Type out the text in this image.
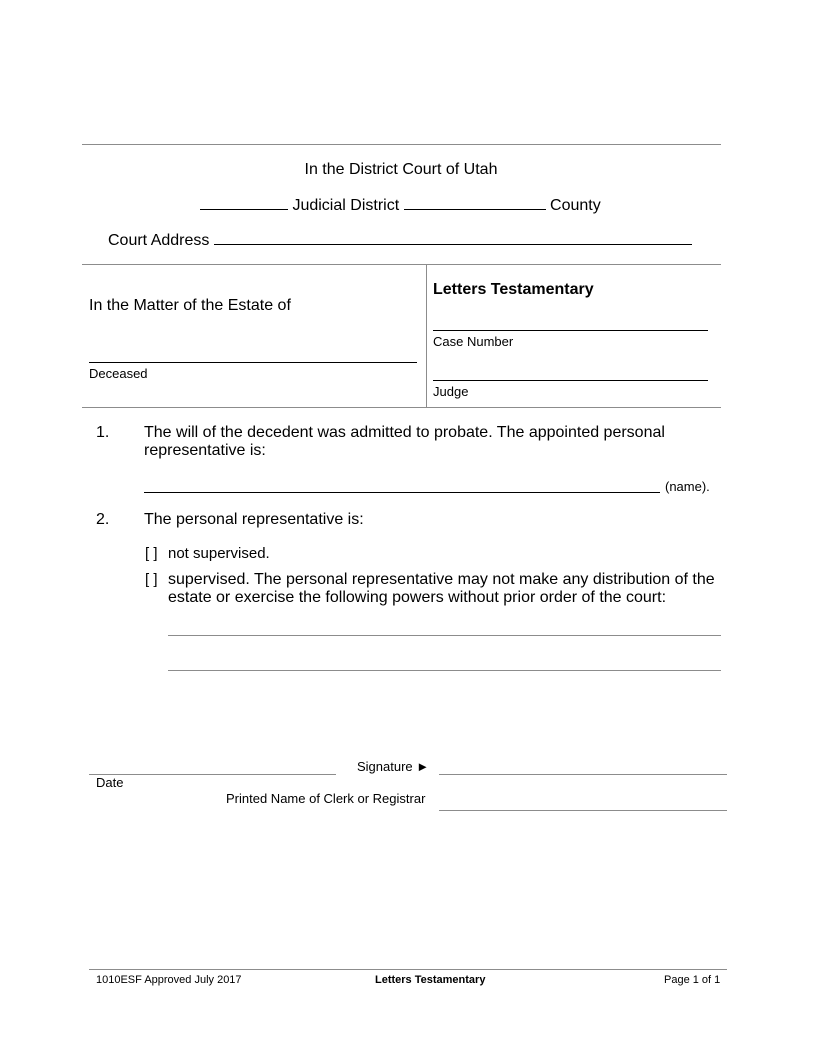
In the District Court of Utah
Judicial District	County
Court Address
In the Matter of the Estate of
Deceased
Letters Testamentary
Case Number
Judge
1. The will of the decedent was admitted to probate. The appointed personal representative is:
(name).
2. The personal representative is:
[ ] not supervised.
[ ] supervised. The personal representative may not make any distribution of the estate or exercise the following powers without prior order of the court:
Date
Signature ►
Printed Name of Clerk or Registrar
1010ESF Approved July 2017	Letters Testamentary	Page 1 of 1
